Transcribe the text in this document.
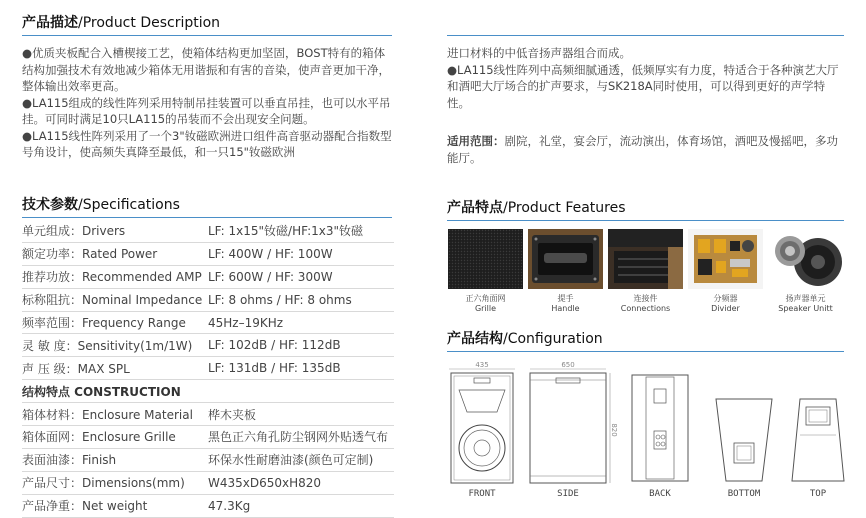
产品描述/Product Description

●优质夹板配合入槽楔接工艺，使箱体结构更加坚固，BOST特有的箱体结构加强技术有效地减少箱体无用谐振和有害的音染，使声音更加干净，整体输出效率更高。

●LA115组成的线性阵列采用特制吊挂装置可以垂直吊挂，也可以水平吊挂。可同时满足10只LA115的吊装而不会出现安全问题。

●LA115线性阵列采用了一个3"钕磁欧洲进口组件高音驱动器配合指数型号角设计，使高频失真降至最低，和一只15"钕磁欧洲

技术参数/Specifications
单元组成：Drivers	LF: 1x15"钕磁/HF:1x3"钕磁
额定功率：Rated Power	LF: 400W / HF: 100W
推荐功放：Recommended AMP	LF: 600W / HF: 300W
标称阻抗：Nominal Impedance	LF: 8 ohms / HF: 8 ohms
频率范围：Frequency Range	45Hz–19KHz
灵 敏 度：Sensitivity(1m/1W)	LF: 102dB / HF: 112dB
声 压 级：MAX SPL	LF: 131dB / HF: 135dB
结构特点 CONSTRUCTION	
箱体材料：Enclosure Material	桦木夹板
箱体面网：Enclosure Grille	黑色正六角孔防尘钢网外贴透气布
表面油漆：Finish	环保水性耐磨油漆(颜色可定制)
产品尺寸：Dimensions(mm)	W435xD650xH820
产品净重：Net weight	47.3Kg

进口材料的中低音扬声器组合而成。

●LA115线性阵列中高频细腻通透，低频厚实有力度，特适合于各种演艺大厅和酒吧大厅场合的扩声要求，与SK218A同时使用，可以得到更好的声学特性。

适用范围：剧院，礼堂，宴会厅，流动演出，体育场馆，酒吧及慢摇吧，多功能厅。

产品特点/Product Features
正六角面网
Grille
提手
Handle
连接件
Connections
分频器
Divider
扬声器单元
Speaker Unitt
产品结构/Configuration
435	650
820
FRONT	SIDE	BACK	BOTTOM	TOP
